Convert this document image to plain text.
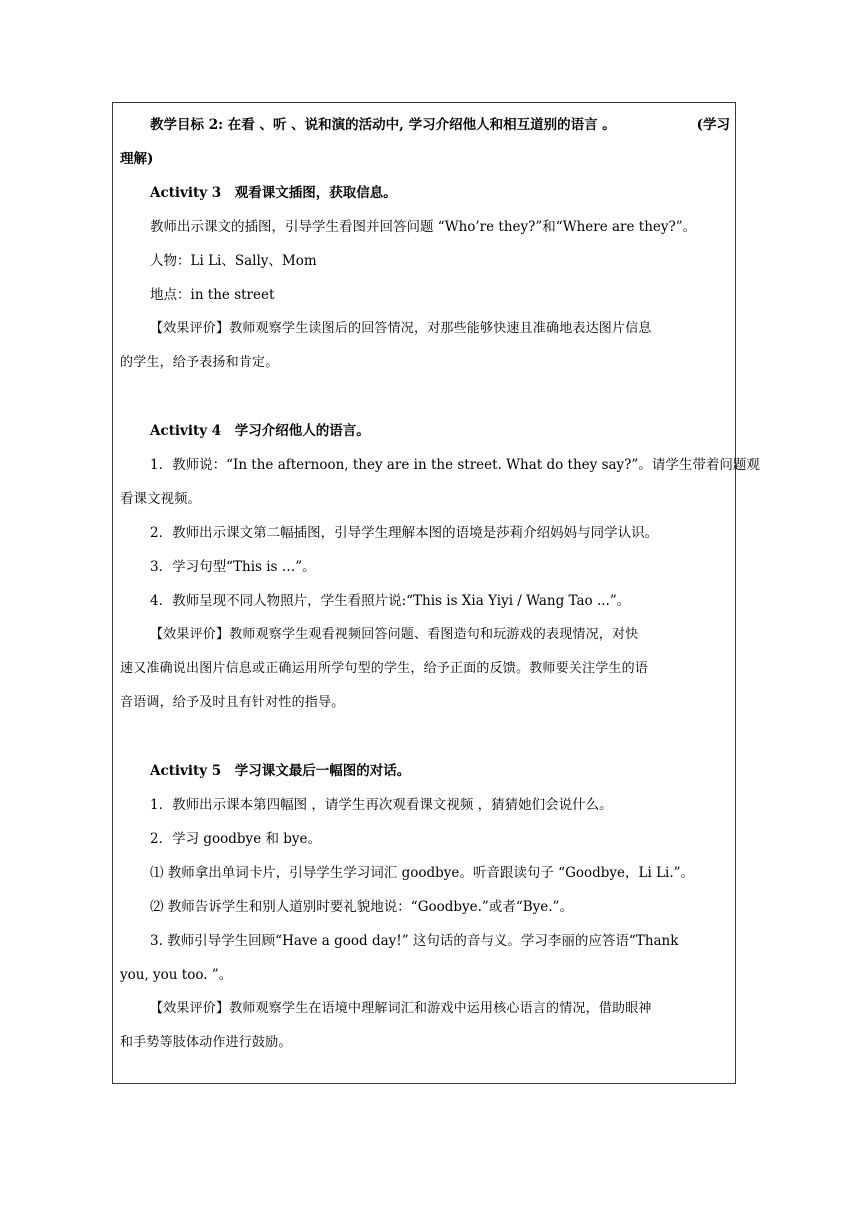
教学目标 2: 在看 、听 、说和演的活动中, 学习介绍他人和相互道别的语言 。	(学习
理解)
Activity 3　观看课文插图，获取信息。
教师出示课文的插图，引导学生看图并回答问题 “Who’re they?”和“Where are they?”。
人物：Li Li、Sally、Mom
地点：in the street
【效果评价】教师观察学生读图后的回答情况，对那些能够快速且准确地表达图片信息
的学生，给予表扬和肯定。
Activity 4　学习介绍他人的语言。
1．教师说：“In the afternoon, they are in the street. What do they say?”。请学生带着问题观
看课文视频。
2．教师出示课文第二幅插图，引导学生理解本图的语境是莎莉介绍妈妈与同学认识。
3．学习句型“This is …”。
4．教师呈现不同人物照片，学生看照片说:“This is Xia Yiyi / Wang Tao ...”。
【效果评价】教师观察学生观看视频回答问题、看图造句和玩游戏的表现情况，对快
速又准确说出图片信息或正确运用所学句型的学生，给予正面的反馈。教师要关注学生的语
音语调，给予及时且有针对性的指导。
Activity 5　学习课文最后一幅图的对话。
1．教师出示课本第四幅图 ，请学生再次观看课文视频 ，猜猜她们会说什么。
2．学习 goodbye 和 bye。
⑴ 教师拿出单词卡片，引导学生学习词汇 goodbye。听音跟读句子 “Goodbye，Li Li.”。
⑵ 教师告诉学生和别人道别时要礼貌地说：“Goodbye.”或者“Bye.”。
3. 教师引导学生回顾“Have a good day!” 这句话的音与义。学习李丽的应答语“Thank
you, you too. ”。
【效果评价】教师观察学生在语境中理解词汇和游戏中运用核心语言的情况，借助眼神
和手势等肢体动作进行鼓励。
